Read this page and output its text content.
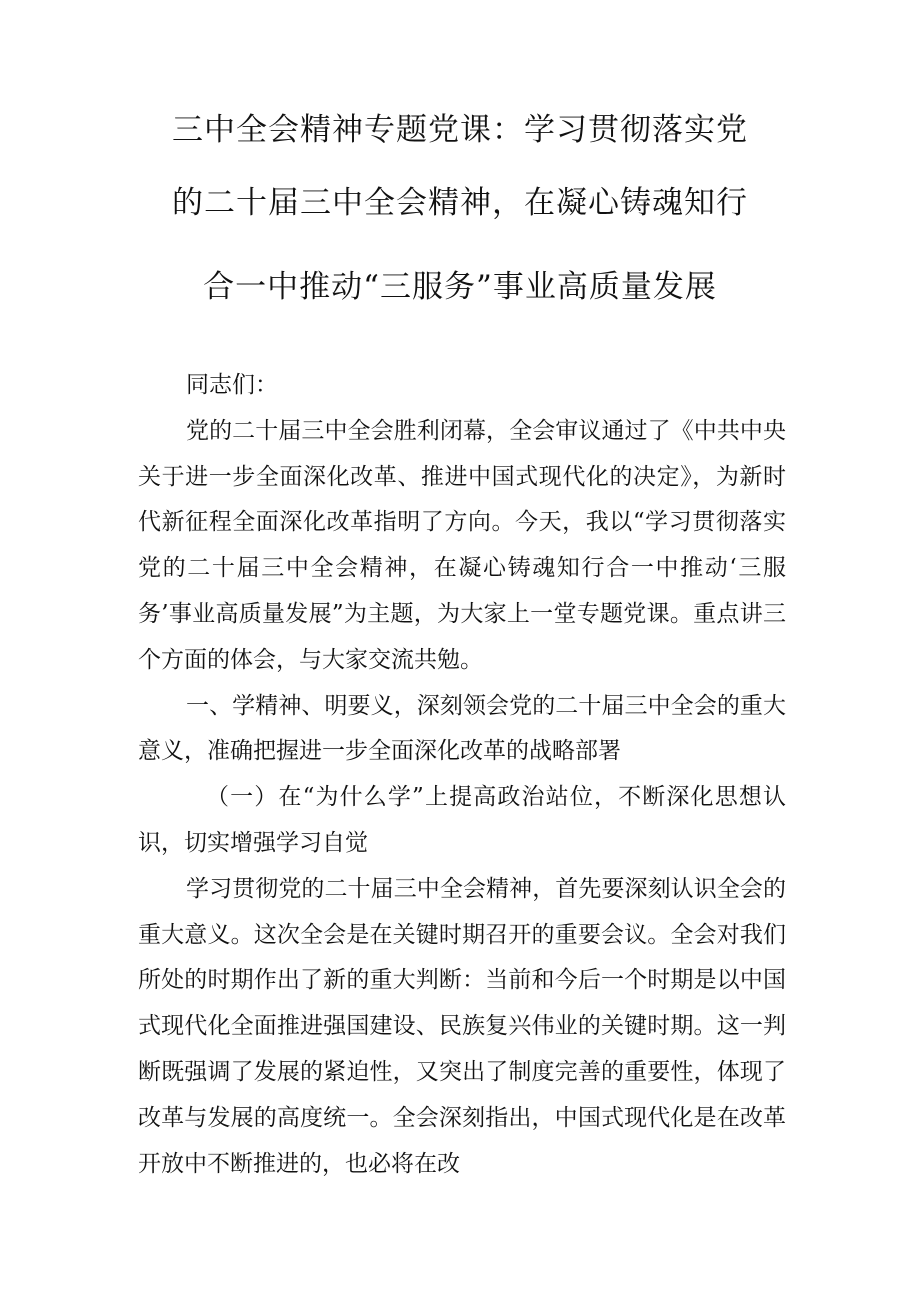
三中全会精神专题党课：学习贯彻落实党
的二十届三中全会精神，在凝心铸魂知行
合一中推动“三服务”事业高质量发展

同志们：

党的二十届三中全会胜利闭幕，全会审议通过了《中共中央关于进一步全面深化改革、推进中国式现代化的决定》，为新时代新征程全面深化改革指明了方向。今天，我以“学习贯彻落实党的二十届三中全会精神，在凝心铸魂知行合一中推动‘三服务’事业高质量发展”为主题，为大家上一堂专题党课。重点讲三个方面的体会，与大家交流共勉。

一、学精神、明要义，深刻领会党的二十届三中全会的重大意义，准确把握进一步全面深化改革的战略部署

（一）在“为什么学”上提高政治站位，不断深化思想认识，切实增强学习自觉

学习贯彻党的二十届三中全会精神，首先要深刻认识全会的重大意义。这次全会是在关键时期召开的重要会议。全会对我们所处的时期作出了新的重大判断：当前和今后一个时期是以中国式现代化全面推进强国建设、民族复兴伟业的关键时期。这一判断既强调了发展的紧迫性，又突出了制度完善的重要性，体现了改革与发展的高度统一。全会深刻指出，中国式现代化是在改革开放中不断推进的，也必将在改
